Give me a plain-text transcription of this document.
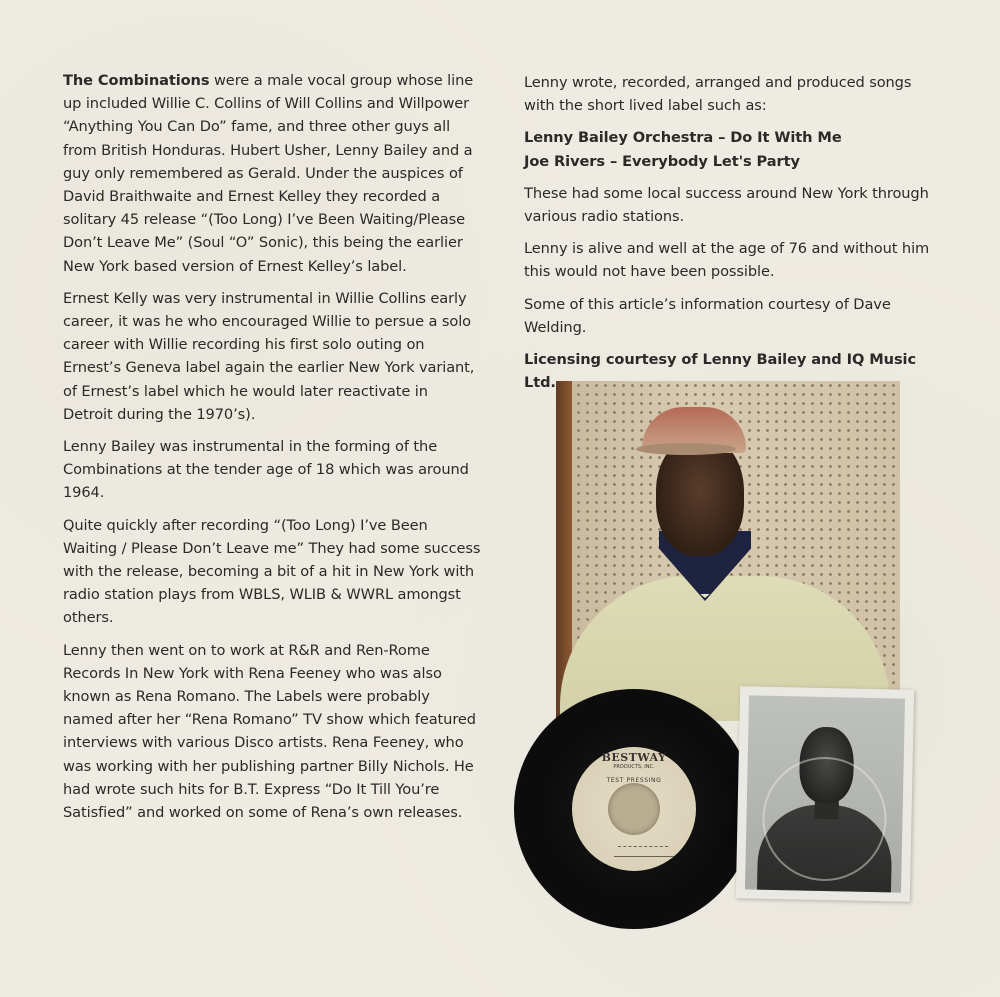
The Combinations were a male vocal group whose line up included Willie C. Collins of Will Collins and Willpower “Anything You Can Do” fame, and three other guys all from British Honduras. Hubert Usher, Lenny Bailey and a guy only remembered as Gerald. Under the auspices of David Braithwaite and Ernest Kelley they recorded a solitary 45 release “(Too Long) I’ve Been Waiting/Please Don’t Leave Me” (Soul “O” Sonic), this being the earlier New York based version of Ernest Kelley’s label.

Ernest Kelly was very instrumental in Willie Collins early career, it was he who encouraged Willie to persue a solo career with Willie recording his first solo outing on Ernest’s Geneva label again the earlier New York variant, of Ernest’s label which he would later reactivate in Detroit during the 1970’s).

Lenny Bailey was instrumental in the forming of the Combinations at the tender age of 18 which was around 1964.

Quite quickly after recording “(Too Long) I’ve Been Waiting / Please Don’t Leave me” They had some success with the release, becoming a bit of a hit in New York with radio station plays from WBLS, WLIB & WWRL amongst others.

Lenny then went on to work at R&R and Ren-Rome Records In New York with Rena Feeney who was also known as Rena Romano. The Labels were probably named after her “Rena Romano” TV show which featured interviews with various Disco artists. Rena Feeney, who was working with her publishing partner Billy Nichols. He had wrote such hits for B.T. Express “Do It Till You’re Satisfied” and worked on some of Rena’s own releases.

Lenny wrote, recorded, arranged and produced songs with the short lived label such as:

Lenny Bailey Orchestra – Do It With Me
Joe Rivers – Everybody Let's Party

These had some local success around New York through various radio stations.

Lenny is alive and well at the age of 76 and without him this would not have been possible.

Some of this article’s information courtesy of Dave Welding.

Licensing courtesy of Lenny Bailey and IQ Music Ltd.

BESTWAY
PRODUCTS, INC.
TEST PRESSING
